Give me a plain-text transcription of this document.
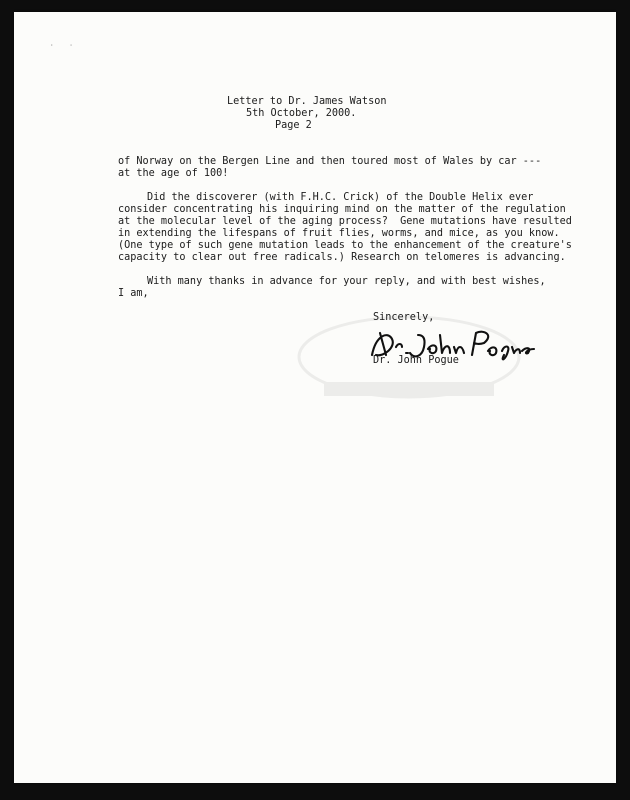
· ·
Letter to Dr. James Watson
5th October, 2000.
Page 2
of Norway on the Bergen Line and then toured most of Wales by car ---
at the age of 100!
Did the discoverer (with F.H.C. Crick) of the Double Helix ever
consider concentrating his inquiring mind on the matter of the regulation
at the molecular level of the aging process?  Gene mutations have resulted
in extending the lifespans of fruit flies, worms, and mice, as you know.
(One type of such gene mutation leads to the enhancement of the creature's
capacity to clear out free radicals.) Research on telomeres is advancing.
With many thanks in advance for your reply, and with best wishes,
I am,
Sincerely,
Dr. John Pogue
